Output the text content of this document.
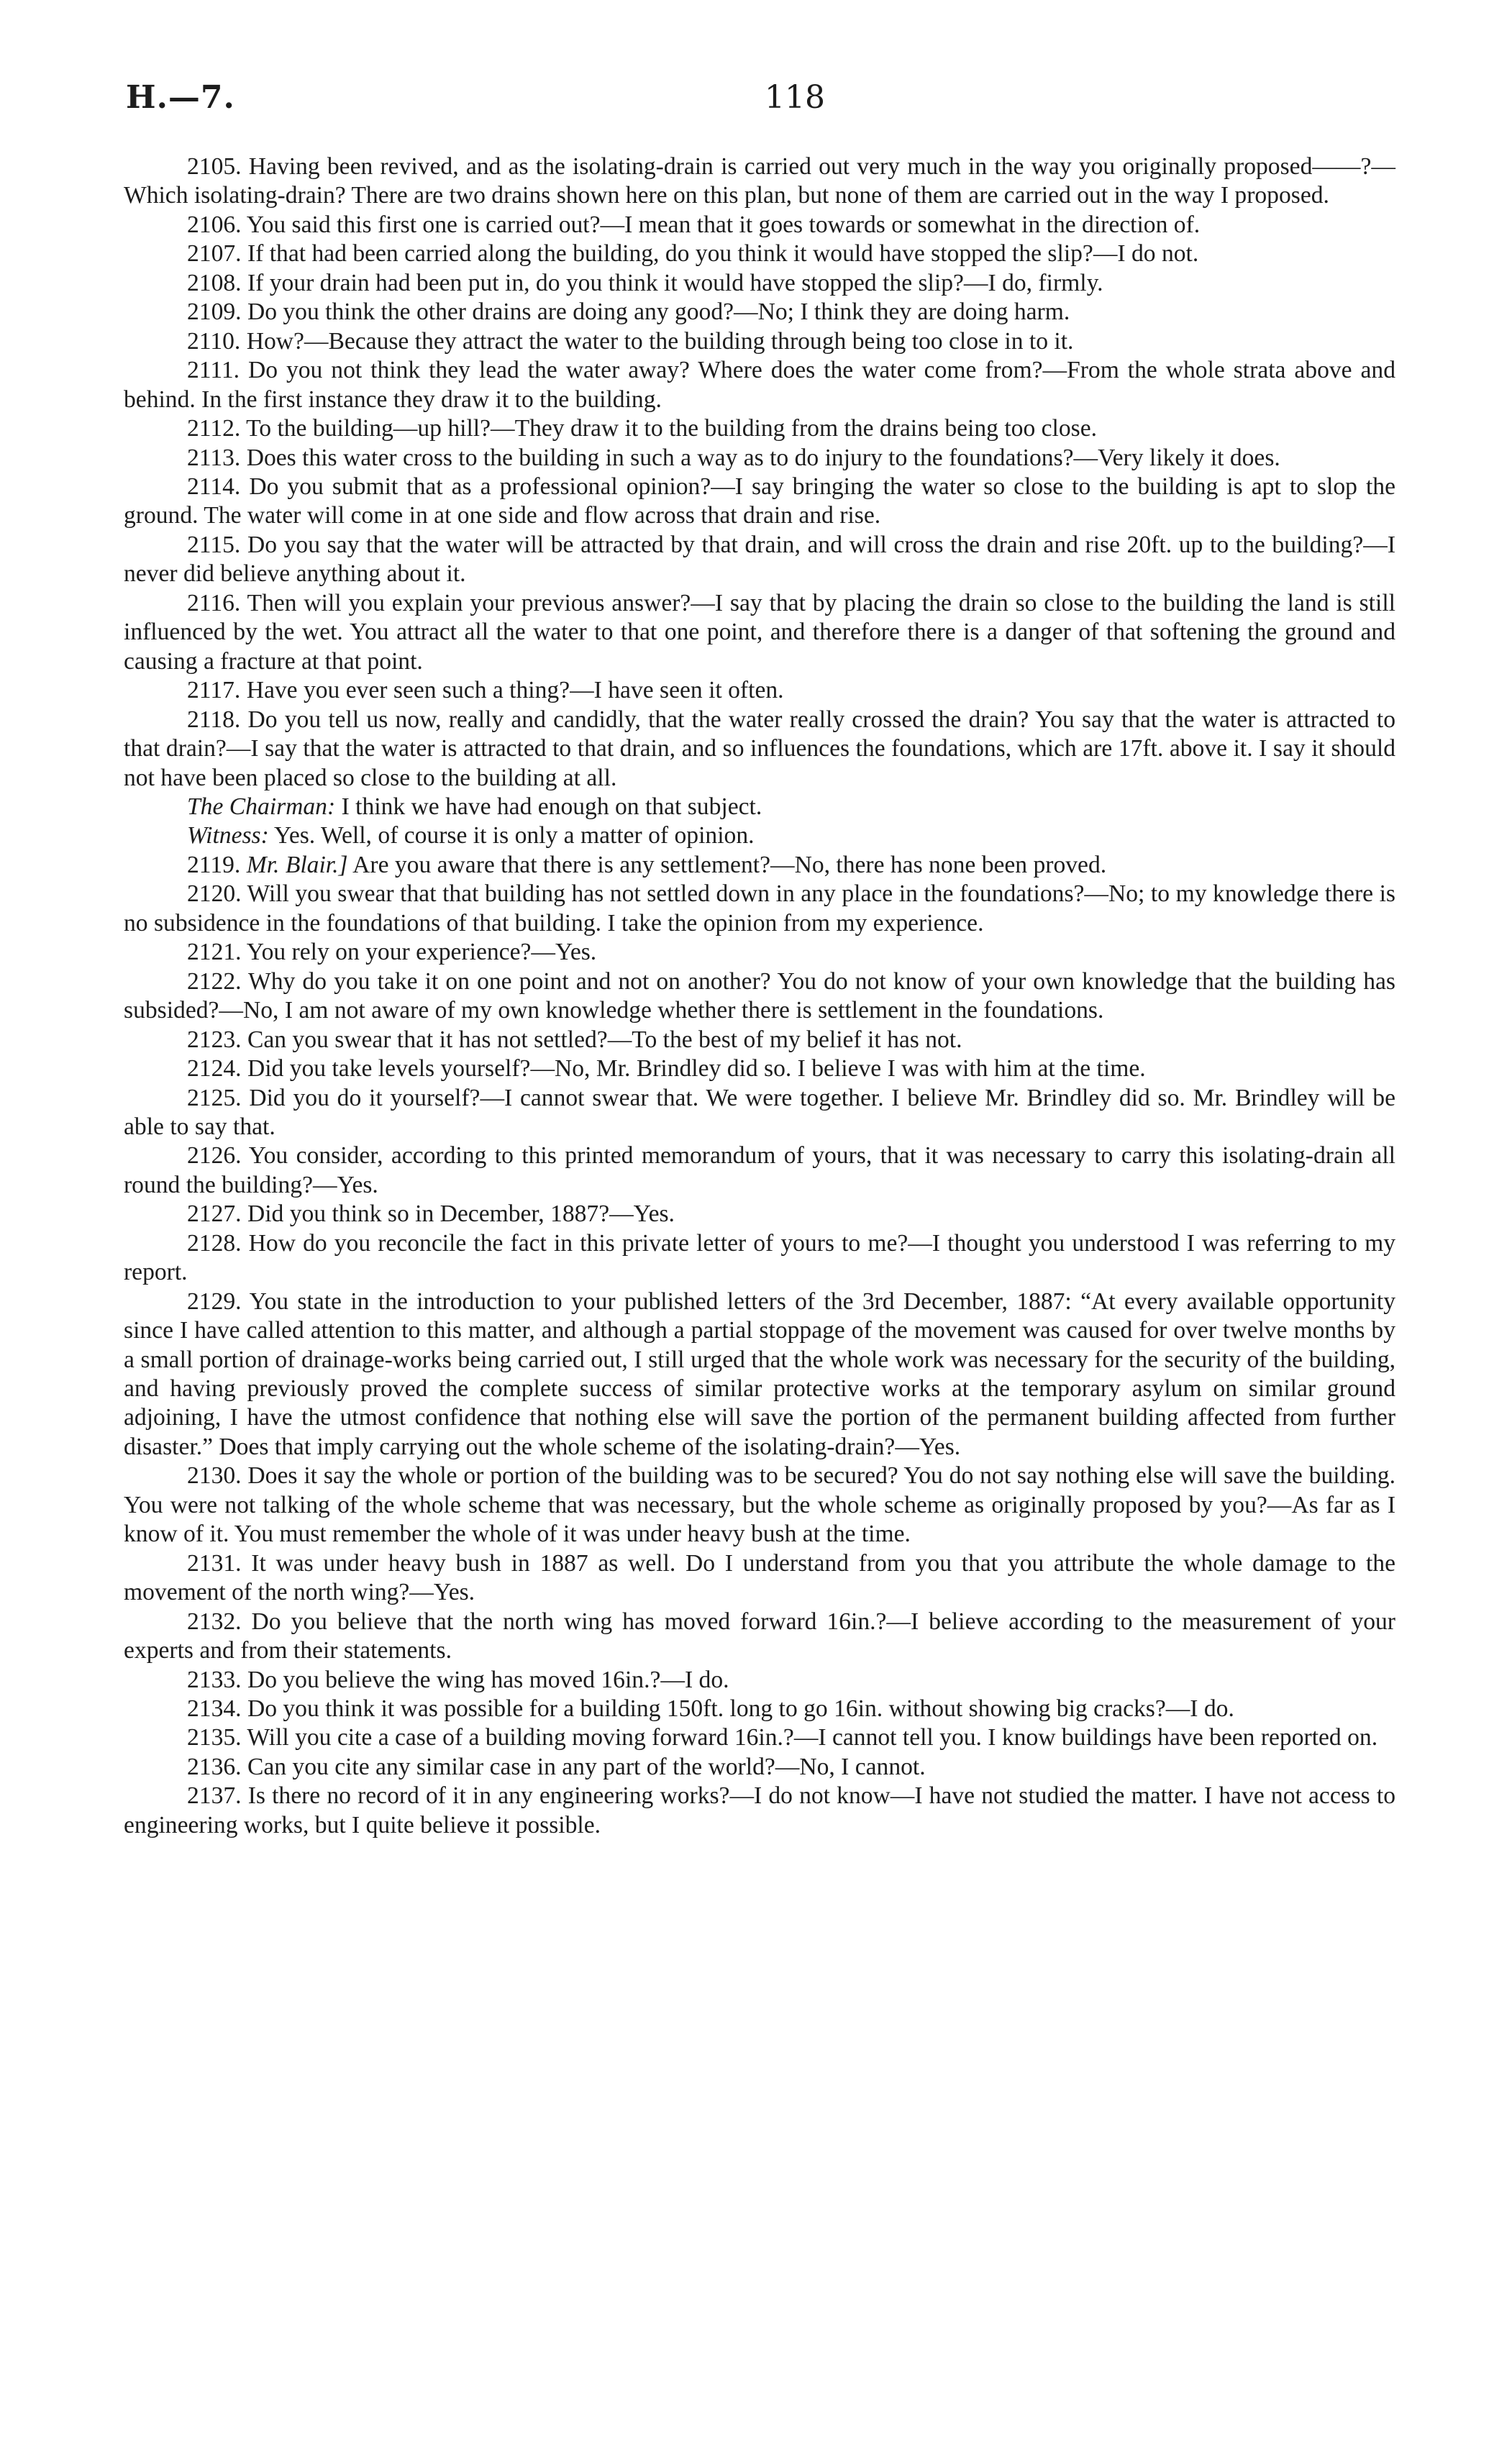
H.—7.	118

2105. Having been revived, and as the isolating-drain is carried out very much in the way you originally proposed——?—Which isolating-drain? There are two drains shown here on this plan, but none of them are carried out in the way I proposed.

2106. You said this first one is carried out?—I mean that it goes towards or somewhat in the direction of.

2107. If that had been carried along the building, do you think it would have stopped the slip?—I do not.

2108. If your drain had been put in, do you think it would have stopped the slip?—I do, firmly.

2109. Do you think the other drains are doing any good?—No; I think they are doing harm.

2110. How?—Because they attract the water to the building through being too close in to it.

2111. Do you not think they lead the water away? Where does the water come from?—From the whole strata above and behind. In the first instance they draw it to the building.

2112. To the building—up hill?—They draw it to the building from the drains being too close.

2113. Does this water cross to the building in such a way as to do injury to the foundations?—Very likely it does.

2114. Do you submit that as a professional opinion?—I say bringing the water so close to the building is apt to slop the ground. The water will come in at one side and flow across that drain and rise.

2115. Do you say that the water will be attracted by that drain, and will cross the drain and rise 20ft. up to the building?—I never did believe anything about it.

2116. Then will you explain your previous answer?—I say that by placing the drain so close to the building the land is still influenced by the wet. You attract all the water to that one point, and therefore there is a danger of that softening the ground and causing a fracture at that point.

2117. Have you ever seen such a thing?—I have seen it often.

2118. Do you tell us now, really and candidly, that the water really crossed the drain? You say that the water is attracted to that drain?—I say that the water is attracted to that drain, and so influences the foundations, which are 17ft. above it. I say it should not have been placed so close to the building at all.

The Chairman: I think we have had enough on that subject.

Witness: Yes. Well, of course it is only a matter of opinion.

2119. Mr. Blair.] Are you aware that there is any settlement?—No, there has none been proved.

2120. Will you swear that that building has not settled down in any place in the foundations?—No; to my knowledge there is no subsidence in the foundations of that building. I take the opinion from my experience.

2121. You rely on your experience?—Yes.

2122. Why do you take it on one point and not on another? You do not know of your own knowledge that the building has subsided?—No, I am not aware of my own knowledge whether there is settlement in the foundations.

2123. Can you swear that it has not settled?—To the best of my belief it has not.

2124. Did you take levels yourself?—No, Mr. Brindley did so. I believe I was with him at the time.

2125. Did you do it yourself?—I cannot swear that. We were together. I believe Mr. Brindley did so. Mr. Brindley will be able to say that.

2126. You consider, according to this printed memorandum of yours, that it was necessary to carry this isolating-drain all round the building?—Yes.

2127. Did you think so in December, 1887?—Yes.

2128. How do you reconcile the fact in this private letter of yours to me?—I thought you understood I was referring to my report.

2129. You state in the introduction to your published letters of the 3rd December, 1887: “At every available opportunity since I have called attention to this matter, and although a partial stoppage of the movement was caused for over twelve months by a small portion of drainage-works being carried out, I still urged that the whole work was necessary for the security of the building, and having previously proved the complete success of similar protective works at the temporary asylum on similar ground adjoining, I have the utmost confidence that nothing else will save the portion of the permanent building affected from further disaster.” Does that imply carrying out the whole scheme of the isolating-drain?—Yes.

2130. Does it say the whole or portion of the building was to be secured? You do not say nothing else will save the building. You were not talking of the whole scheme that was necessary, but the whole scheme as originally proposed by you?—As far as I know of it. You must remember the whole of it was under heavy bush at the time.

2131. It was under heavy bush in 1887 as well. Do I understand from you that you attribute the whole damage to the movement of the north wing?—Yes.

2132. Do you believe that the north wing has moved forward 16in.?—I believe according to the measurement of your experts and from their statements.

2133. Do you believe the wing has moved 16in.?—I do.

2134. Do you think it was possible for a building 150ft. long to go 16in. without showing big cracks?—I do.

2135. Will you cite a case of a building moving forward 16in.?—I cannot tell you. I know buildings have been reported on.

2136. Can you cite any similar case in any part of the world?—No, I cannot.

2137. Is there no record of it in any engineering works?—I do not know—I have not studied the matter. I have not access to engineering works, but I quite believe it possible.
